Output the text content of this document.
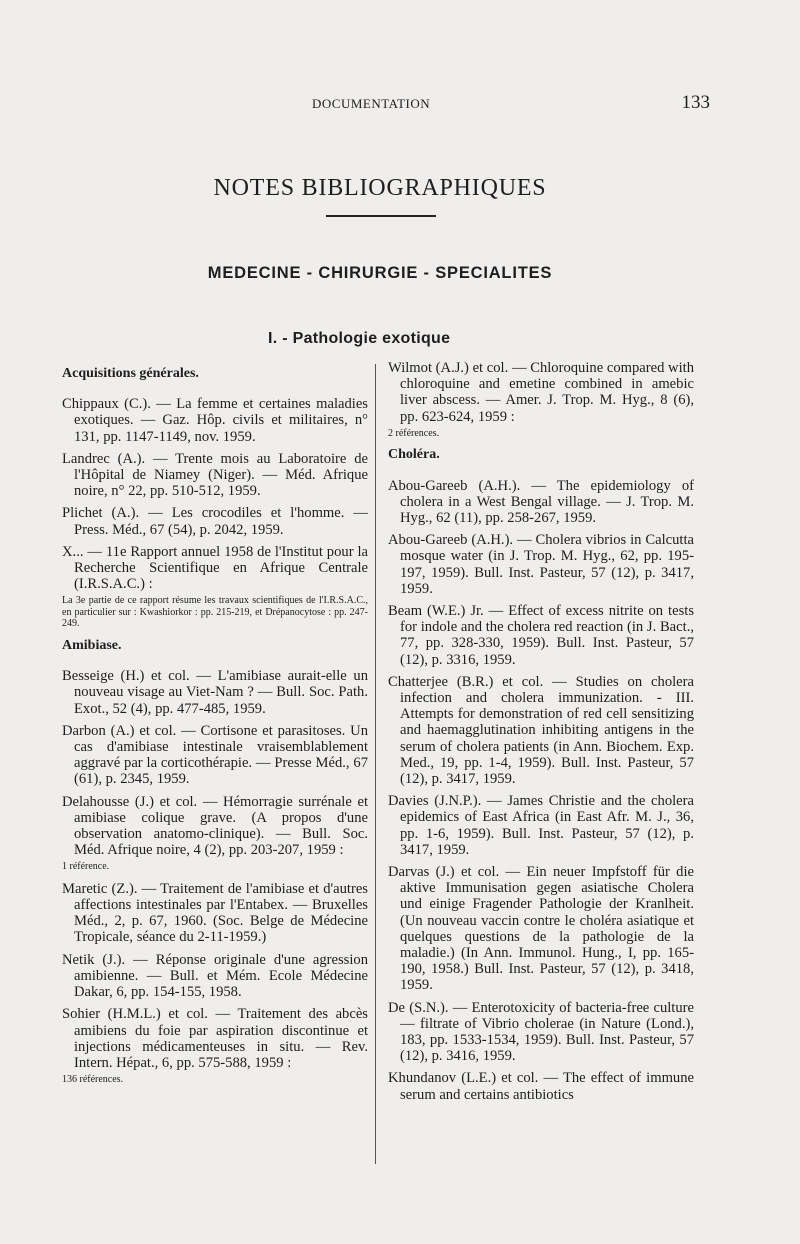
DOCUMENTATION	133
NOTES BIBLIOGRAPHIQUES
MEDECINE - CHIRURGIE - SPECIALITES
I. - Pathologie exotique
Acquisitions générales.

Chippaux (C.). — La femme et certaines maladies exotiques. — Gaz. Hôp. civils et militaires, n° 131, pp. 1147-1149, nov. 1959.

Landrec (A.). — Trente mois au Laboratoire de l'Hôpital de Niamey (Niger). — Méd. Afrique noire, n° 22, pp. 510-512, 1959.

Plichet (A.). — Les crocodiles et l'homme. — Press. Méd., 67 (54), p. 2042, 1959.

X... — 11e Rapport annuel 1958 de l'Institut pour la Recherche Scientifique en Afrique Centrale (I.R.S.A.C.) :

La 3e partie de ce rapport résume les travaux scientifiques de l'I.R.S.A.C., en particulier sur : Kwashiorkor : pp. 215-219, et Drépanocytose : pp. 247-249.

Amibiase.

Besseige (H.) et col. — L'amibiase aurait-elle un nouveau visage au Viet-Nam ? — Bull. Soc. Path. Exot., 52 (4), pp. 477-485, 1959.

Darbon (A.) et col. — Cortisone et parasitoses. Un cas d'amibiase intestinale vraisemblablement aggravé par la corticothérapie. — Presse Méd., 67 (61), p. 2345, 1959.

Delahousse (J.) et col. — Hémorragie surrénale et amibiase colique grave. (A propos d'une observation anatomo-clinique). — Bull. Soc. Méd. Afrique noire, 4 (2), pp. 203-207, 1959 :

1 référence.

Maretic (Z.). — Traitement de l'amibiase et d'autres affections intestinales par l'Entabex. — Bruxelles Méd., 2, p. 67, 1960. (Soc. Belge de Médecine Tropicale, séance du 2-11-1959.)

Netik (J.). — Réponse originale d'une agression amibienne. — Bull. et Mém. Ecole Médecine Dakar, 6, pp. 154-155, 1958.

Sohier (H.M.L.) et col. — Traitement des abcès amibiens du foie par aspiration discontinue et injections médicamenteuses in situ. — Rev. Intern. Hépat., 6, pp. 575-588, 1959 :

136 références.

Wilmot (A.J.) et col. — Chloroquine compared with chloroquine and emetine combined in amebic liver abscess. — Amer. J. Trop. M. Hyg., 8 (6), pp. 623-624, 1959 :

2 références.

Choléra.

Abou-Gareeb (A.H.). — The epidemiology of cholera in a West Bengal village. — J. Trop. M. Hyg., 62 (11), pp. 258-267, 1959.

Abou-Gareeb (A.H.). — Cholera vibrios in Calcutta mosque water (in J. Trop. M. Hyg., 62, pp. 195-197, 1959). Bull. Inst. Pasteur, 57 (12), p. 3417, 1959.

Beam (W.E.) Jr. — Effect of excess nitrite on tests for indole and the cholera red reaction (in J. Bact., 77, pp. 328-330, 1959). Bull. Inst. Pasteur, 57 (12), p. 3316, 1959.

Chatterjee (B.R.) et col. — Studies on cholera infection and cholera immunization. - III. Attempts for demonstration of red cell sensitizing and haemagglutination inhibiting antigens in the serum of cholera patients (in Ann. Biochem. Exp. Med., 19, pp. 1-4, 1959). Bull. Inst. Pasteur, 57 (12), p. 3417, 1959.

Davies (J.N.P.). — James Christie and the cholera epidemics of East Africa (in East Afr. M. J., 36, pp. 1-6, 1959). Bull. Inst. Pasteur, 57 (12), p. 3417, 1959.

Darvas (J.) et col. — Ein neuer Impfstoff für die aktive Immunisation gegen asiatische Cholera und einige Fragender Pathologie der Kranlheit. (Un nouveau vaccin contre le choléra asiatique et quelques questions de la pathologie de la maladie.) (In Ann. Immunol. Hung., I, pp. 165-190, 1958.) Bull. Inst. Pasteur, 57 (12), p. 3418, 1959.

De (S.N.). — Enterotoxicity of bacteria-free culture — filtrate of Vibrio cholerae (in Nature (Lond.), 183, pp. 1533-1534, 1959). Bull. Inst. Pasteur, 57 (12), p. 3416, 1959.

Khundanov (L.E.) et col. — The effect of immune serum and certains antibiotics
